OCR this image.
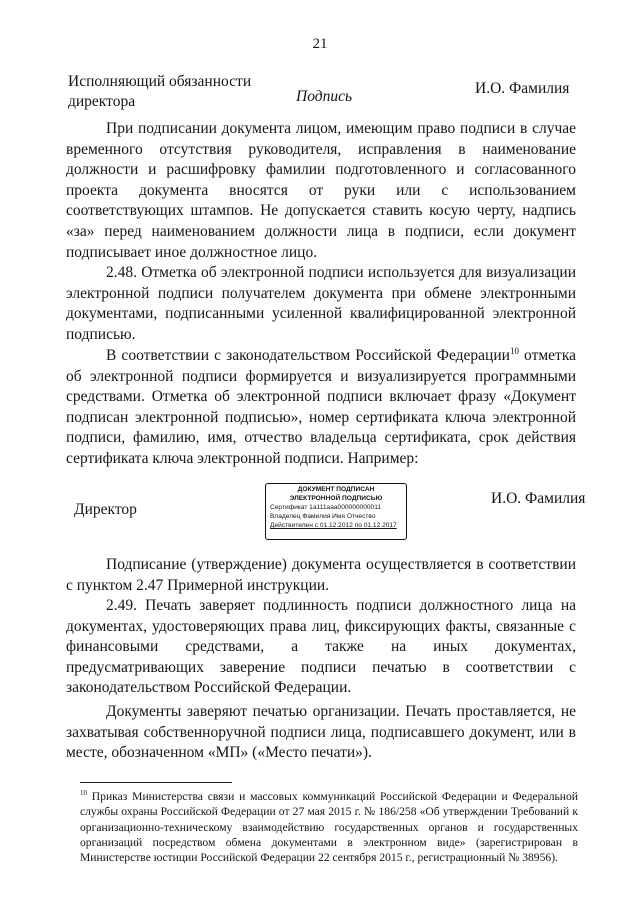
21
Исполняющий обязанности
директора	Подпись	И.О. Фамилия

При подписании документа лицом, имеющим право подписи в случае временного отсутствия руководителя, исправления в наименование должности и расшифровку фамилии подготовленного и согласованного проекта документа вносятся от руки или с использованием соответствующих штампов. Не допускается ставить косую черту, надпись «за» перед наименованием должности лица в подписи, если документ подписывает иное должностное лицо.

2.48. Отметка об электронной подписи используется для визуализации электронной подписи получателем документа при обмене электронными документами, подписанными усиленной квалифицированной электронной подписью.

В соответствии с законодательством Российской Федерации$^{10}$ отметка об электронной подписи формируется и визуализируется программными средствами. Отметка об электронной подписи включает фразу «Документ подписан электронной подписью», номер сертификата ключа электронной подписи, фамилию, имя, отчество владельца сертификата, срок действия сертификата ключа электронной подписи. Например:

Директор
ДОКУМЕНТ ПОДПИСАН
ЭЛЕКТРОННОЙ ПОДПИСЬЮ
Сертификат 1a111aaa000000000011
Владелец Фамилия Имя Отчество
Действителен с 01.12.2012 по 01.12.2017
И.О. Фамилия

Подписание (утверждение) документа осуществляется в соответствии с пунктом 2.47 Примерной инструкции.

2.49. Печать заверяет подлинность подписи должностного лица на документах, удостоверяющих права лиц, фиксирующих факты, связанные с финансовыми средствами, а также на иных документах, предусматривающих заверение подписи печатью в соответствии с законодательством Российской Федерации.

Документы заверяют печатью организации. Печать проставляется, не захватывая собственноручной подписи лица, подписавшего документ, или в месте, обозначенном «МП» («Место печати»).

$^{10}$ Приказ Министерства связи и массовых коммуникаций Российской Федерации и Федеральной службы охраны Российской Федерации от 27 мая 2015 г. № 186/258 «Об утверждении Требований к организационно-техническому взаимодействию государственных органов и государственных организаций посредством обмена документами в электронном виде» (зарегистрирован в Министерстве юстиции Российской Федерации 22 сентября 2015 г., регистрационный № 38956).
